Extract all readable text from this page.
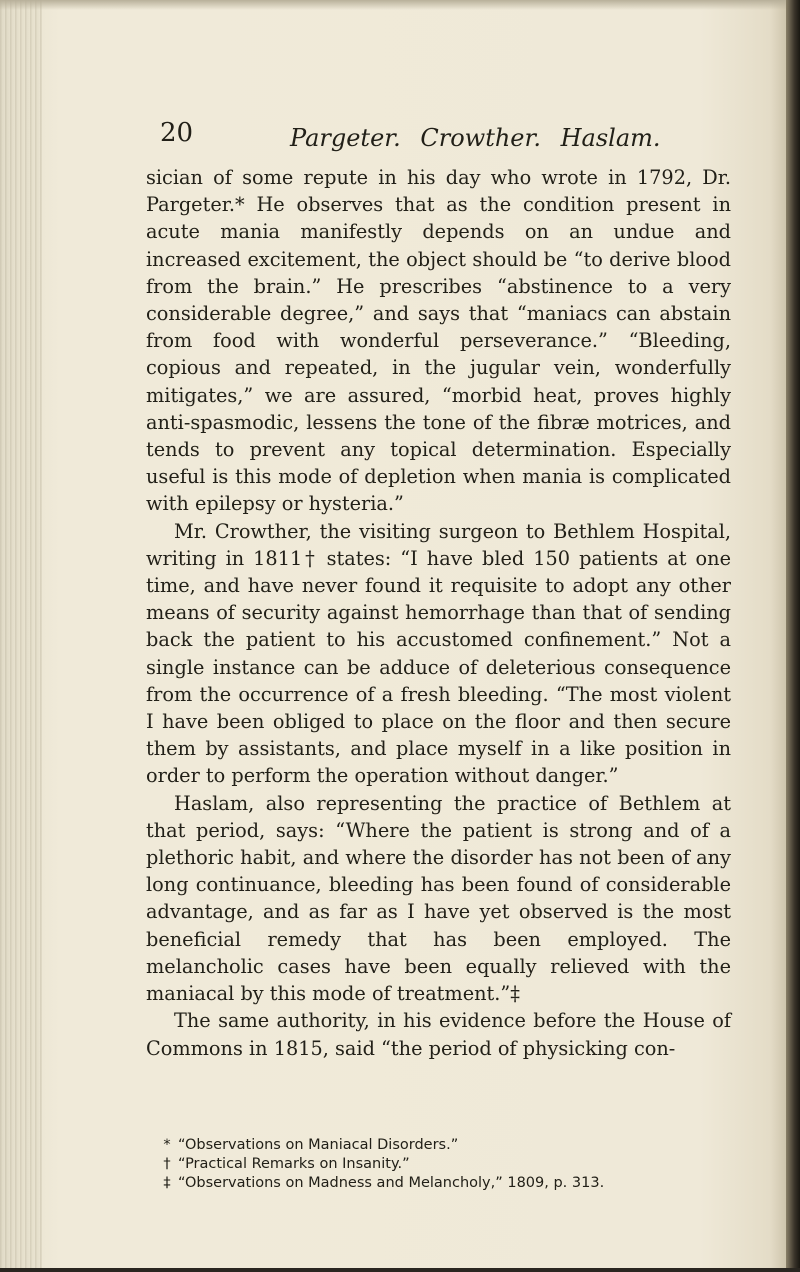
20	Pargeter. Crowther. Haslam.

sician of some repute in his day who wrote in 1792, Dr. Pargeter.* He observes that as the condition present in acute mania manifestly depends on an undue and increased excitement, the object should be “to derive blood from the brain.” He prescribes “abstinence to a very considerable degree,” and says that “maniacs can abstain from food with wonderful perseverance.” “Bleeding, copious and repeated, in the jugular vein, wonderfully mitigates,” we are assured, “morbid heat, proves highly anti-spasmodic, lessens the tone of the fibræ motrices, and tends to prevent any topical determination. Especially useful is this mode of depletion when mania is complicated with epilepsy or hysteria.”

Mr. Crowther, the visiting surgeon to Bethlem Hospital, writing in 1811† states: “I have bled 150 patients at one time, and have never found it requisite to adopt any other means of security against hemorrhage than that of sending back the patient to his accustomed confinement.” Not a single instance can be adduce of deleterious consequence from the occurrence of a fresh bleeding. “The most violent I have been obliged to place on the floor and then secure them by assistants, and place myself in a like position in order to perform the operation without danger.”

Haslam, also representing the practice of Bethlem at that period, says: “Where the patient is strong and of a plethoric habit, and where the disorder has not been of any long continuance, bleeding has been found of considerable advantage, and as far as I have yet observed is the most beneficial remedy that has been employed. The melancholic cases have been equally relieved with the maniacal by this mode of treatment.”‡

The same authority, in his evidence before the House of Commons in 1815, said “the period of physicking con-

* “Observations on Maniacal Disorders.”
† “Practical Remarks on Insanity.”
‡ “Observations on Madness and Melancholy,” 1809, p. 313.
